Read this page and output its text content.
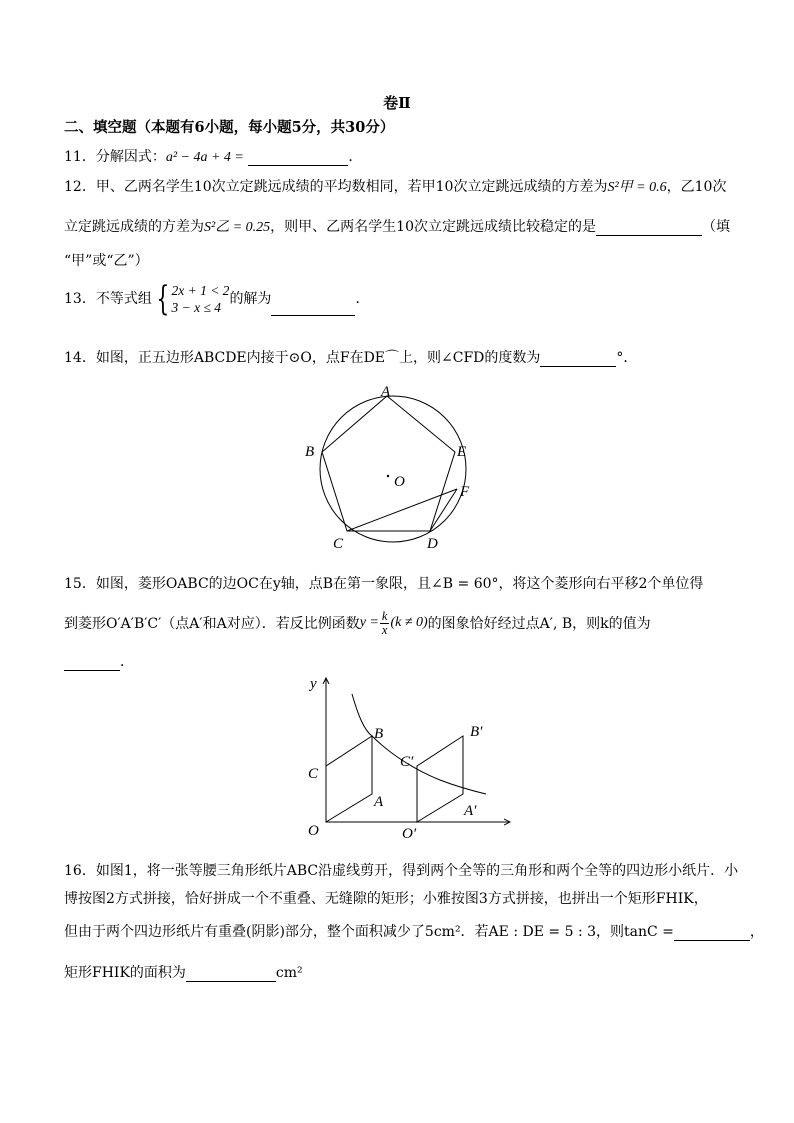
卷Ⅱ
二、填空题（本题有6小题，每小题5分，共30分）
11．分解因式：a² − 4a + 4 =	．
12．甲、乙两名学生10次立定跳远成绩的平均数相同，若甲10次立定跳远成绩的方差为S²甲 = 0.6，乙10次
立定跳远成绩的方差为S²乙 = 0.25，则甲、乙两名学生10次立定跳远成绩比较稳定的是	（填
“甲”或“乙”）
13．不等式组 { 2x + 1 < 2
3 − x ≤ 4
的解为	．
14．如图，正五边形ABCDE内接于⊙O，点F在DE⌒上，则∠CFD的度数为	°．
A
B
C	D
E
F
O
15．如图，菱形OABC的边OC在y轴，点B在第一象限，且∠B = 60°，将这个菱形向右平移2个单位得
到菱形O′A′B′C′（点A′和A对应）．若反比例函数 $y = \frac{k}{x} (k \ne 0)$ 的图象恰好经过点A′, B，则k的值为
．
y
O
C
B
A
C′
O′
A′
B′
16．如图1，将一张等腰三角形纸片ABC沿虚线剪开，得到两个全等的三角形和两个全等的四边形小纸片．小
博按图2方式拼接，恰好拼成一个不重叠、无缝隙的矩形；小雅按图3方式拼接，也拼出一个矩形FHIK，
但由于两个四边形纸片有重叠(阴影)部分，整个面积减少了5cm²．若AE : DE = 5 : 3，则tanC =	，
矩形FHIK的面积为	cm²
